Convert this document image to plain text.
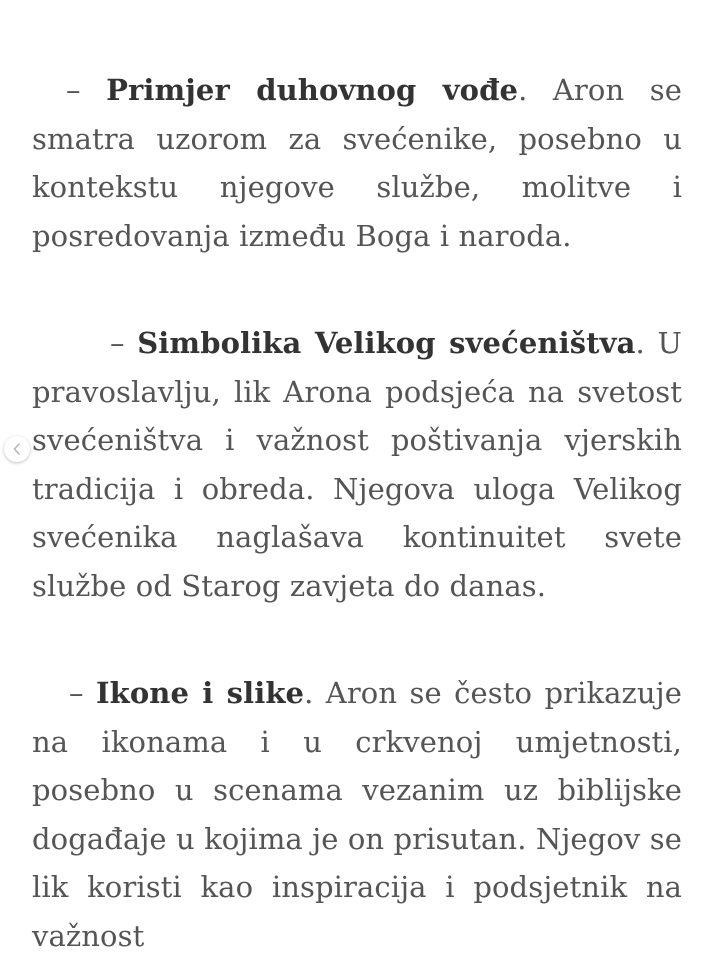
– Primjer duhovnog vođe. Aron se smatra uzorom za svećenike, posebno u kontekstu njegove službe, molitve i posredovanja između Boga i naroda.

– Simbolika Velikog svećeništva. U pravoslavlju, lik Arona podsjeća na svetost svećeništva i važnost poštivanja vjerskih tradicija i obreda. Njegova uloga Velikog svećenika naglašava kontinuitet svete službe od Starog zavjeta do danas.

– Ikone i slike. Aron se često prikazuje na ikonama i u crkvenoj umjetnosti, posebno u scenama vezanim uz biblijske događaje u kojima je on prisutan. Njegov se lik koristi kao inspiracija i podsjetnik na važnost
